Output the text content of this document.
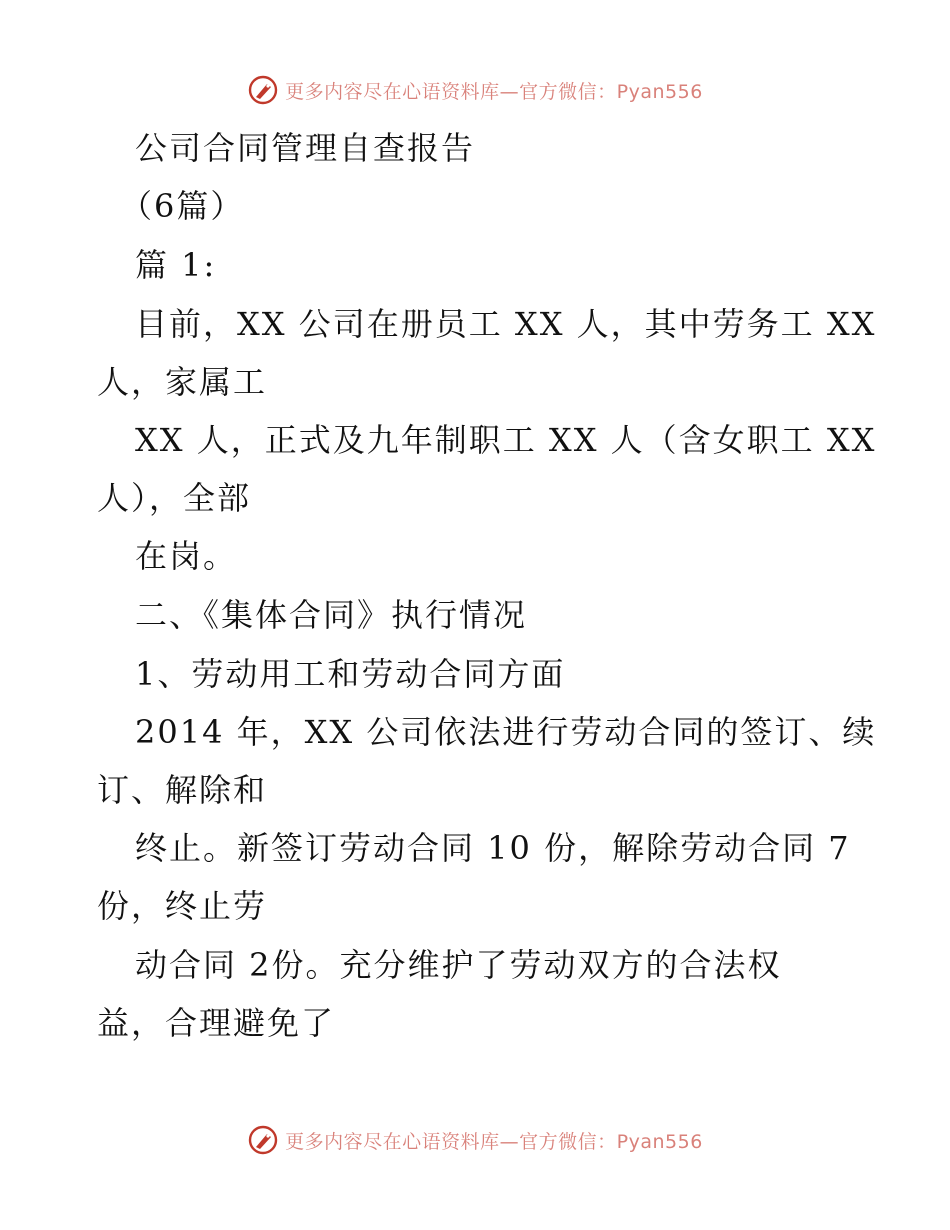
更多内容尽在心语资料库—官方微信：Pyan556
公司合同管理自查报告
（6篇）
篇 1:
目前，XX 公司在册员工 XX 人，其中劳务工 XX
人，家属工
XX 人，正式及九年制职工 XX 人（含女职工 XX
人），全部
在岗。
二、《集体合同》执行情况
1、劳动用工和劳动合同方面
2014 年，XX 公司依法进行劳动合同的签订、续
订、解除和
终止。新签订劳动合同 10 份，解除劳动合同 7
份，终止劳
动合同 2份。充分维护了劳动双方的合法权
益，合理避免了
更多内容尽在心语资料库—官方微信：Pyan556
